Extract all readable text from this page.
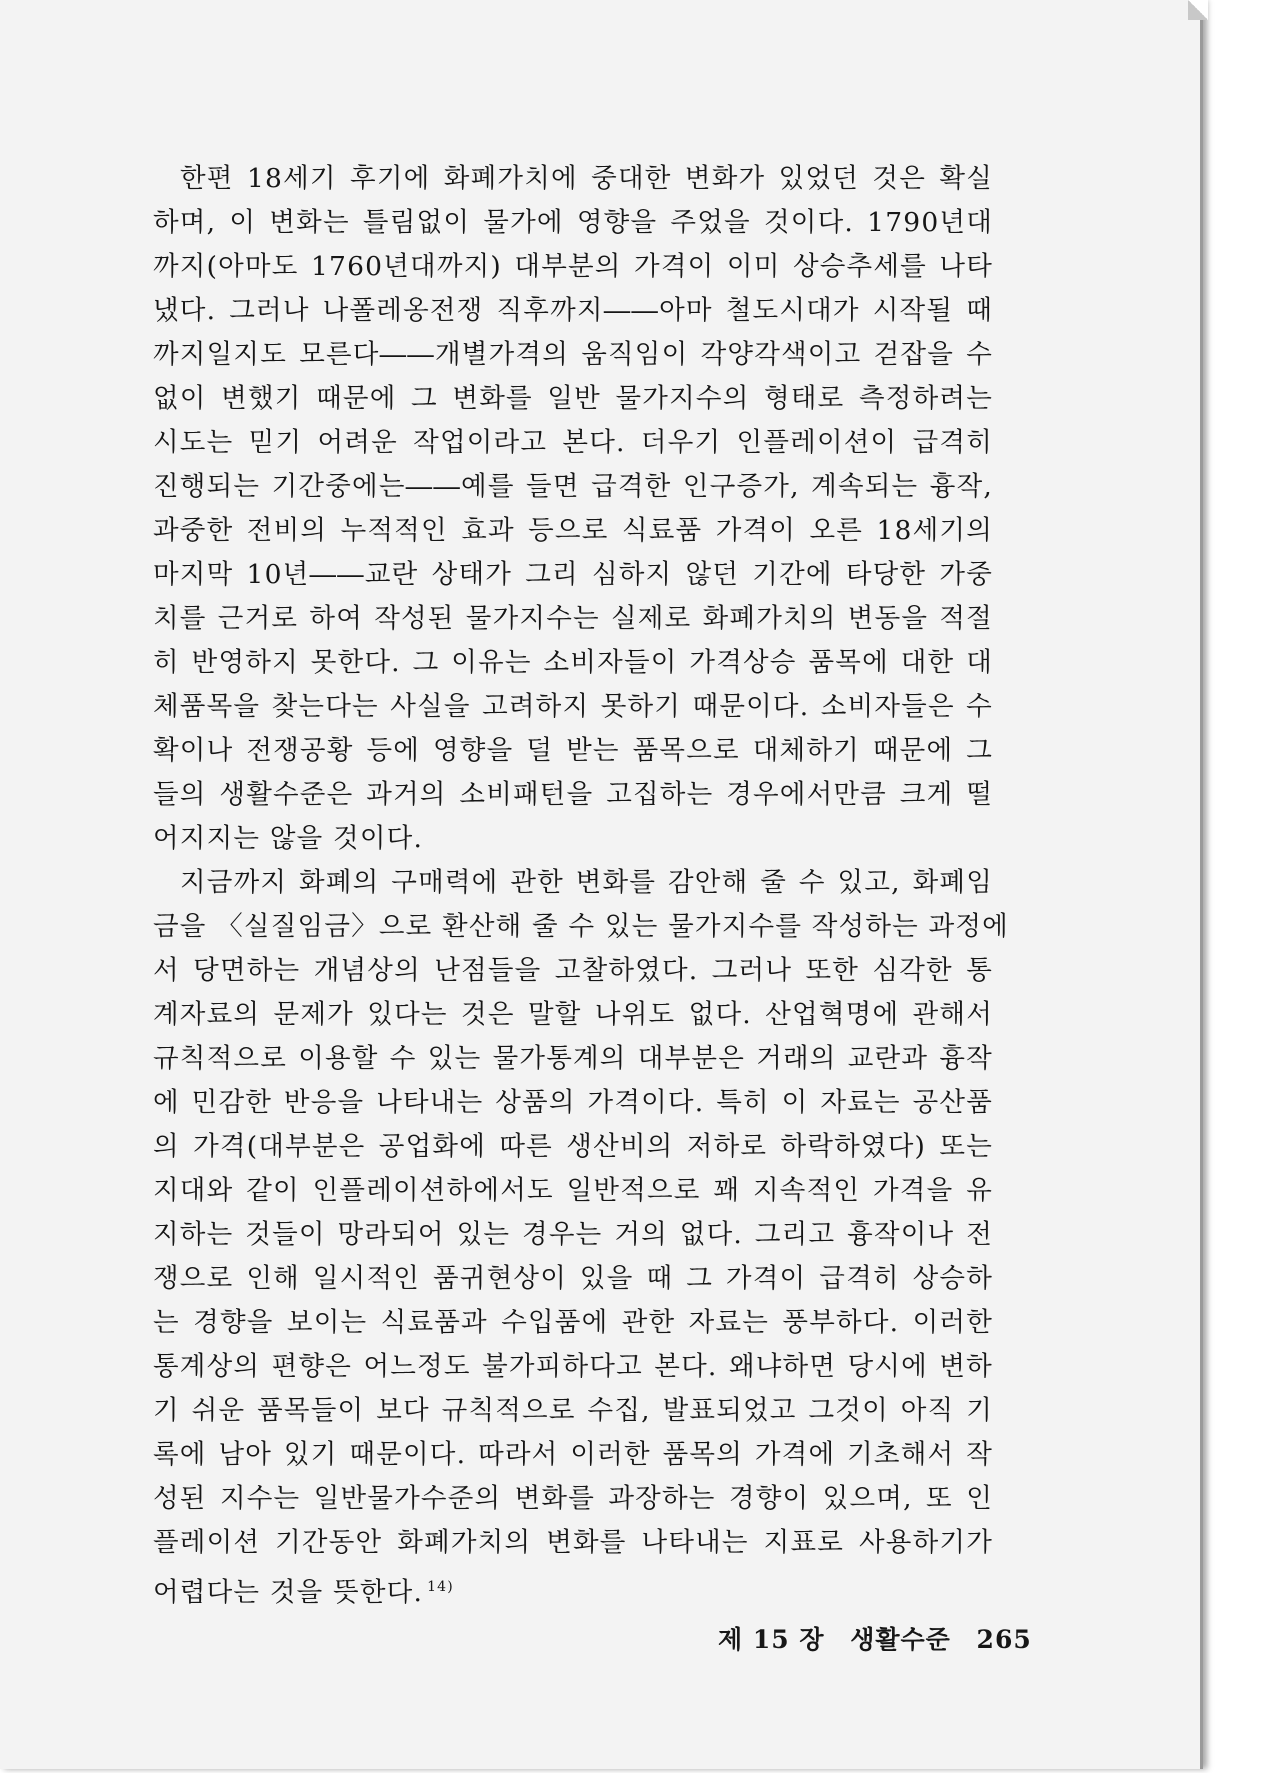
한편 18세기 후기에 화폐가치에 중대한 변화가 있었던 것은 확실
하며, 이 변화는 틀림없이 물가에 영향을 주었을 것이다. 1790년대
까지(아마도 1760년대까지) 대부분의 가격이 이미 상승추세를 나타
냈다. 그러나 나폴레옹전쟁 직후까지――아마 철도시대가 시작될 때
까지일지도 모른다――개별가격의 움직임이 각양각색이고 걷잡을 수
없이 변했기 때문에 그 변화를 일반 물가지수의 형태로 측정하려는
시도는 믿기 어려운 작업이라고 본다. 더우기 인플레이션이 급격히
진행되는 기간중에는――예를 들면 급격한 인구증가, 계속되는 흉작,
과중한 전비의 누적적인 효과 등으로 식료품 가격이 오른 18세기의
마지막 10년――교란 상태가 그리 심하지 않던 기간에 타당한 가중
치를 근거로 하여 작성된 물가지수는 실제로 화폐가치의 변동을 적절
히 반영하지 못한다. 그 이유는 소비자들이 가격상승 품목에 대한 대
체품목을 찾는다는 사실을 고려하지 못하기 때문이다. 소비자들은 수
확이나 전쟁공황 등에 영향을 덜 받는 품목으로 대체하기 때문에 그
들의 생활수준은 과거의 소비패턴을 고집하는 경우에서만큼 크게 떨
어지지는 않을 것이다.
지금까지 화폐의 구매력에 관한 변화를 감안해 줄 수 있고, 화폐임
금을 〈실질임금〉으로 환산해 줄 수 있는 물가지수를 작성하는 과정에
서 당면하는 개념상의 난점들을 고찰하였다. 그러나 또한 심각한 통
계자료의 문제가 있다는 것은 말할 나위도 없다. 산업혁명에 관해서
규칙적으로 이용할 수 있는 물가통계의 대부분은 거래의 교란과 흉작
에 민감한 반응을 나타내는 상품의 가격이다. 특히 이 자료는 공산품
의 가격(대부분은 공업화에 따른 생산비의 저하로 하락하였다) 또는
지대와 같이 인플레이션하에서도 일반적으로 꽤 지속적인 가격을 유
지하는 것들이 망라되어 있는 경우는 거의 없다. 그리고 흉작이나 전
쟁으로 인해 일시적인 품귀현상이 있을 때 그 가격이 급격히 상승하
는 경향을 보이는 식료품과 수입품에 관한 자료는 풍부하다. 이러한
통계상의 편향은 어느정도 불가피하다고 본다. 왜냐하면 당시에 변하
기 쉬운 품목들이 보다 규칙적으로 수집, 발표되었고 그것이 아직 기
록에 남아 있기 때문이다. 따라서 이러한 품목의 가격에 기초해서 작
성된 지수는 일반물가수준의 변화를 과장하는 경향이 있으며, 또 인
플레이션 기간동안 화폐가치의 변화를 나타내는 지표로 사용하기가
어렵다는 것을 뜻한다. $^{14)}$
제 15 장 생활수준 265
